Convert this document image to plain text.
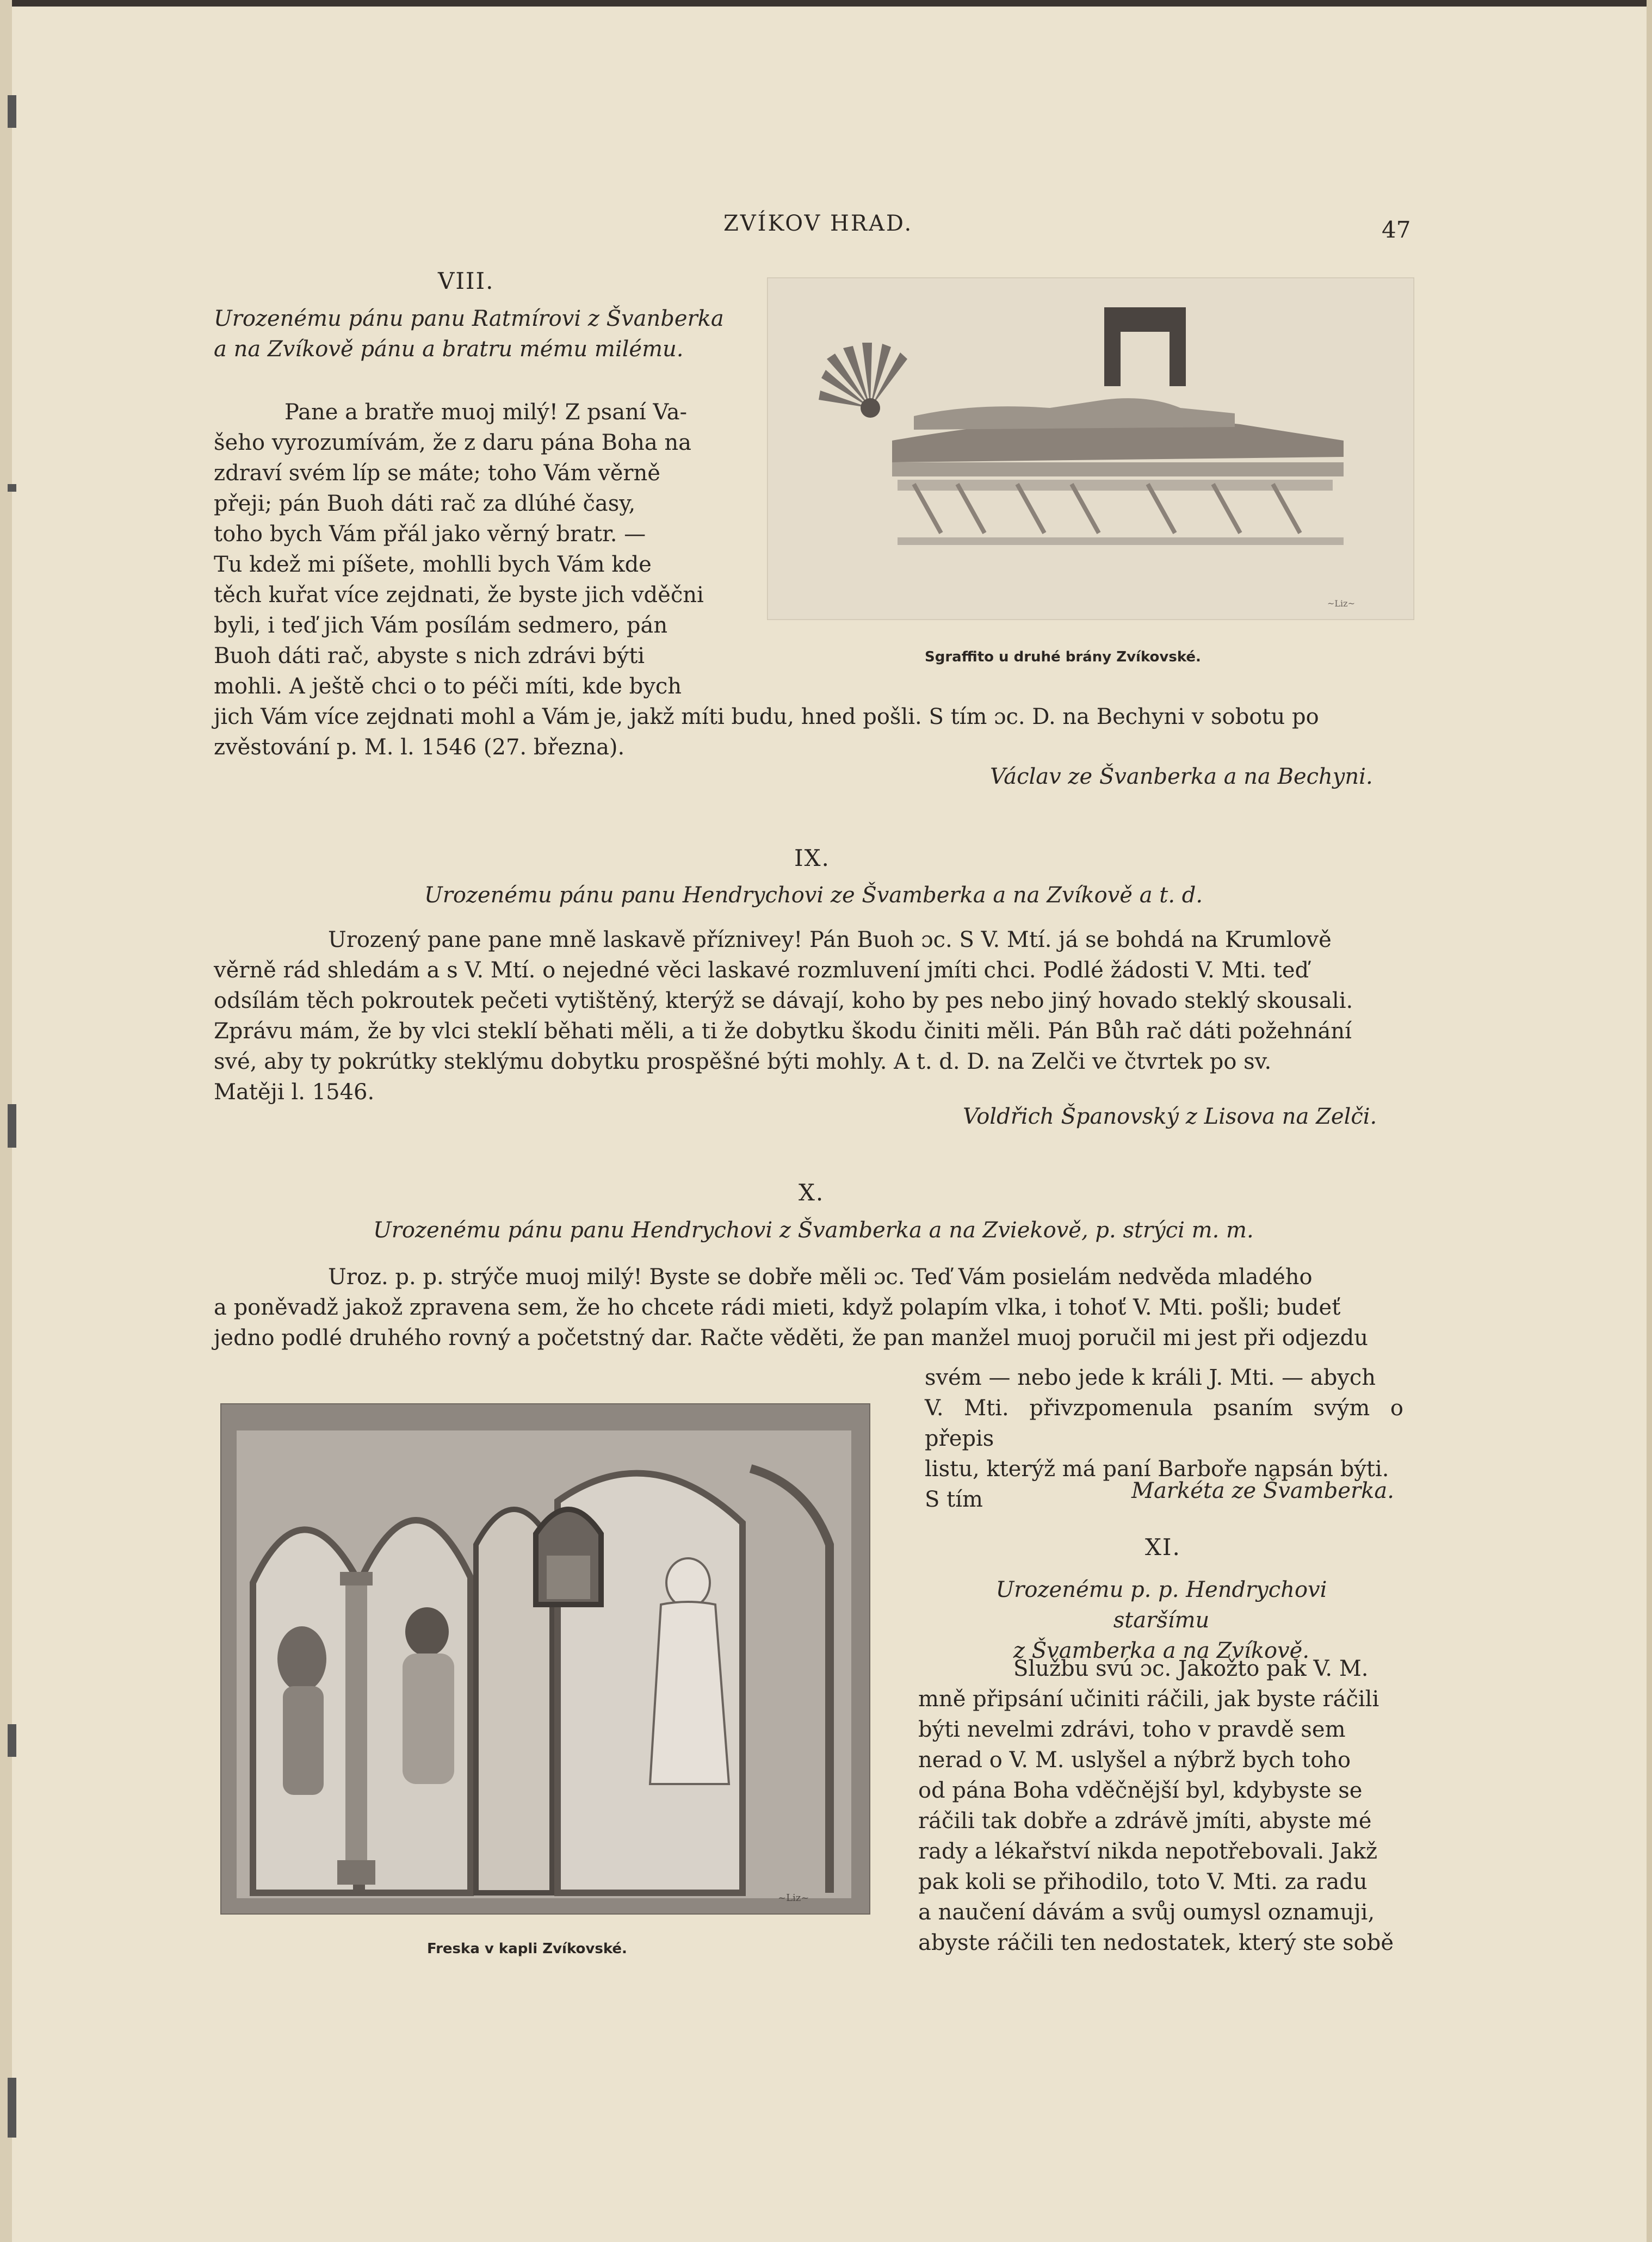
ZVÍKOV HRAD.	47
~Liz~
Sgraffito u druhé brány Zvíkovské.
VIII.
Urozenému pánu panu Ratmírovi z Švanberka
a na Zvíkově pánu a bratru mému milému.
Pane a bratře muoj milý! Z psaní Va-
šeho vyrozumívám, že z daru pána Boha na
zdraví svém líp se máte; toho Vám věrně
přeji; pán Buoh dáti rač za dlúhé časy,
toho bych Vám přál jako věrný bratr. —
Tu kdež mi píšete, mohlli bych Vám kde
těch kuřat více zejdnati, že byste jich vděčni
byli, i teď jich Vám posílám sedmero, pán
Buoh dáti rač, abyste s nich zdrávi býti
mohli. A ještě chci o to péči míti, kde bych
jich Vám více zejdnati mohl a Vám je, jakž míti budu, hned pošli. S tím ɔc. D. na Bechyni v sobotu po
zvěstování p. M. l. 1546 (27. března).
Václav ze Švanberka a na Bechyni.
IX.
Urozenému pánu panu Hendrychovi ze Švamberka a na Zvíkově a t. d.
Urozený pane pane mně laskavě příznivey! Pán Buoh ɔc. S V. Mtí. já se bohdá na Krumlově
věrně rád shledám a s V. Mtí. o nejedné věci laskavé rozmluvení jmíti chci. Podlé žádosti V. Mti. teď
odsílám těch pokroutek pečeti vytištěný, kterýž se dávají, koho by pes nebo jiný hovado steklý skousali.
Zprávu mám, že by vlci steklí běhati měli, a ti že dobytku škodu činiti měli. Pán Bůh rač dáti požehnání
své, aby ty pokrútky steklýmu dobytku prospěšné býti mohly. A t. d. D. na Zelči ve čtvrtek po sv.
Matěji l. 1546.
Voldřich Španovský z Lisova na Zelči.
X.
Urozenému pánu panu Hendrychovi z Švamberka a na Zviekově, p. strýci m. m.
Uroz. p. p. strýče muoj milý! Byste se dobře měli ɔc. Teď Vám posielám nedvěda mladého
a poněvadž jakož zpravena sem, že ho chcete rádi mieti, když polapím vlka, i tohoť V. Mti. pošli; budeť
jedno podlé druhého rovný a početstný dar. Račte věděti, že pan manžel muoj poručil mi jest při odjezdu
svém — nebo jede k králi J. Mti. — abych
V. Mti. přivzpomenula psaním svým o přepis
listu, kterýž má paní Barboře napsán býti.
S tím	Markéta ze Švamberka.
XI.
Urozenému p. p. Hendrychovi staršímu
z Švamberka a na Zvíkově.
Službu svú ɔc. Jakožto pak V. M.
mně připsání učiniti ráčili, jak byste ráčili
býti nevelmi zdrávi, toho v pravdě sem
nerad o V. M. uslyšel a nýbrž bych toho
od pána Boha vděčnější byl, kdybyste se
ráčili tak dobře a zdrávě jmíti, abyste mé
rady a lékařství nikda nepotřebovali. Jakž
pak koli se přihodilo, toto V. Mti. za radu
a naučení dávám a svůj oumysl oznamuji,
abyste ráčili ten nedostatek, který ste sobě
~Liz~
Freska v kapli Zvíkovské.
